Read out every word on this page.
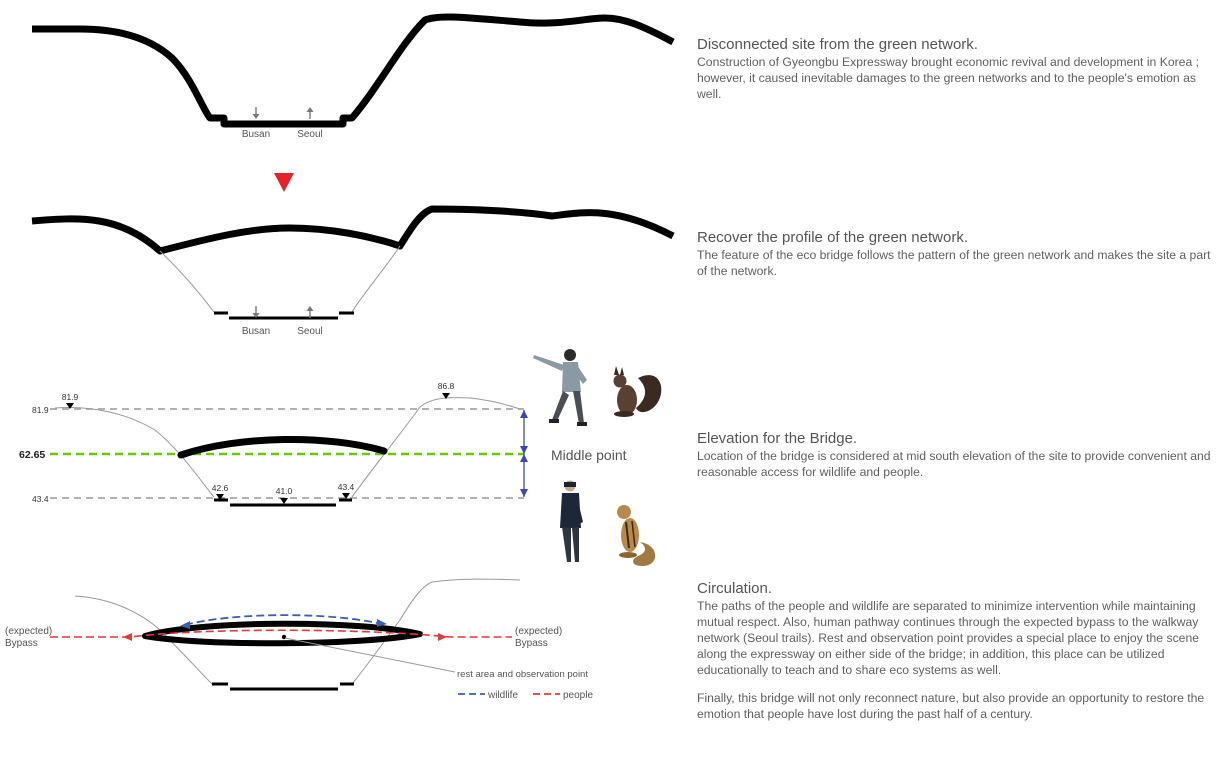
Busan	Seoul
Busan	Seoul
81.9
62.65
43.4
81.9
86.8
42.6	41.0	43.4
Middle point
rest area and observation point
(expected)
Bypass
(expected)
Bypass
wildlife	people
Disconnected site from the green network.

Construction of Gyeongbu Expressway brought economic revival and development in Korea ; however, it caused inevitable damages to the green networks and to the people's emotion as well.

Recover the profile of the green network.

The feature of the eco bridge follows the pattern of the green network and makes the site a part of the network.

Elevation for the Bridge.

Location of the bridge is considered at mid south elevation of the site to provide convenient and reasonable access for wildlife and people.

Circulation.

The paths of the people and wildlife are separated to minimize intervention while maintaining mutual respect. Also, human pathway continues through the expected bypass to the walkway network (Seoul trails). Rest and observation point provides a special place to enjoy the scene along the expressway on either side of the bridge; in addition, this place can be utilized educationally to teach and to share eco systems as well.

Finally, this bridge will not only reconnect nature, but also provide an opportunity to restore the emotion that people have lost during the past half of a century.
